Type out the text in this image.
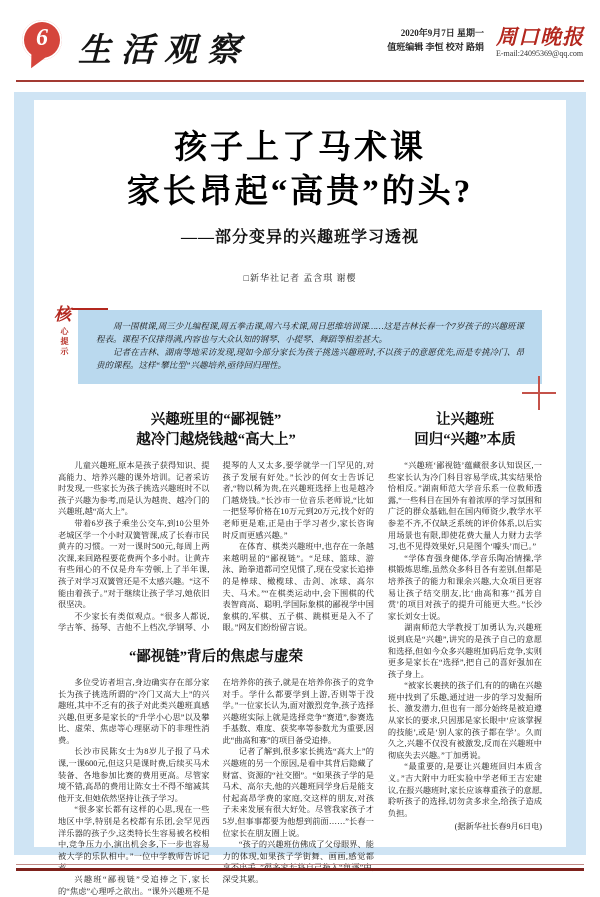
6 生活观察	2020年9月7日 星期一
值班编辑 李恒 校对 路娟
周口晚报
E-mail:24095369@qq.com
孩子上了马术课
家长昂起“高贵”的头?
——部分变异的兴趣班学习透视
□新华社记者 孟含琪 谢樱
核
心提示

周一围棋课,周三少儿编程课,周五拳击课,周六马术课,周日思维培训课……这是吉林长春一个7岁孩子的兴趣班课程表。课程不仅排得满,内容也与大众认知的钢琴、小提琴、舞蹈等相差甚大。

记者在吉林、湖南等地采访发现,现如今部分家长为孩子挑选兴趣班时,不以孩子的意愿优先,而是专挑冷门、昂贵的课程。这样“攀比型”兴趣培养,亟待回归理性。

兴趣班里的“鄙视链”
越冷门越烧钱越“高大上”

儿童兴趣班,原本是孩子获得知识、提高能力、培养兴趣的课外培训。记者采访时发现,一些家长为孩子挑选兴趣班时不以孩子兴趣为参考,而是认为越贵、越冷门的兴趣班,越“高大上”。

带着6岁孩子乘坐公交车,到10公里外老城区学一个小时双簧管课,成了长春市民黄卉的习惯。一对一课时500元,每周上两次课,来回路程要花费两个多小时。让黄卉有些闹心的不仅是舟车劳顿,上了半年课,孩子对学习双簧管还是不太感兴趣。“这不能由着孩子。”对于继续让孩子学习,她依旧很坚决。

不少家长有类似观点。“很多人都说,学古筝、扬琴、吉他不上档次,学钢琴、小提琴的人又太多,要学就学一门罕见的,对孩子发展有好处。”长沙的何女士告诉记者,“物以稀为贵,在兴趣班选择上也是越冷门越烧钱。”长沙市一位音乐老师说,“比如一把竖琴价格在10万元到20万元,找个好的老师更是难,正是由于学习者少,家长咨询时反而更感兴趣。”

在体育、棋类兴趣班中,也存在一条越来越明显的“鄙视链”。“足球、篮球、游泳、跆拳道都司空见惯了,现在受家长追捧的是棒球、橄榄球、击剑、冰球、高尔夫、马术。”“在棋类运动中,会下围棋的代表智商高、聪明,学国际象棋的鄙视学中国象棋的,军棋、五子棋、跳棋更是入不了眼。”网友们纷纷留言说。

“鄙视链”背后的焦虑与虚荣

多位受访者坦言,身边确实存在部分家长为孩子挑选所谓的“冷门又高大上”的兴趣班,其中不乏有的孩子对此类兴趣班真感兴趣,但更多是家长的“升学小心思”以及攀比、虚荣、焦虑等心理驱动下的非理性消费。

长沙市民陈女士为8岁儿子报了马术课,一课600元,但这只是课时费,后续买马术装备、各地参加比赛的费用更高。尽管家境不错,高昂的费用让陈女士不得不缩减其他开支,但她依然坚持让孩子学习。

“很多家长都有这样的心思,现在一些地区中学,特别是名校都有乐团,会罕见西洋乐器的孩子少,这类特长生容易被名校相中,竞争压力小,演出机会多,下一步也容易被大学的乐队相中。”一位中学教师告诉记者。

兴趣班“鄙视链”受追捧之下,家长的“焦虑”心理呼之欲出。“课外兴趣班不是在培养你的孩子,就是在培养你孩子的竞争对手。学什么都要学到上游,否则等于没学。”一位家长认为,面对激烈竞争,孩子选择兴趣班实际上就是选择竞争“赛道”,参赛选手基数、难度、获奖率等参数尤为重要,因此“曲高和寡”的项目备受追捧。

记者了解到,很多家长挑选“高大上”的兴趣班的另一个原因,是看中其背后隐藏了财富、资源的“社交圈”。“如果孩子学的是马术、高尔夫,他的兴趣班同学身后是能支付起高昂学费的家庭,交这样的朋友,对孩子未来发展有很大好处。尽管我家孩子才5岁,但事事都要为他想到前面……”长春一位家长在朋友圈上说。

“孩子的兴趣班仿佛成了父母眼界、能力的体现,如果孩子学街舞、画画,感觉都拿不出手。”很多家长将自己拖入“角逐”中,深受其累。

让兴趣班
回归“兴趣”本质

“兴趣班‘鄙视链’蕴藏很多认知误区,一些家长认为冷门科目容易学成,其实结果恰恰相反。”湖南师范大学音乐系一位教师透露,“一些科目在国外有着浓厚的学习氛围和广泛的群众基础,但在国内师资少,教学水平参差不齐,不仅缺乏系统的评价体系,以后实用场景也有限,即使花费大量人力财力去学习,也不见得效果好,只是图个‘噱头’而已。”

“学体育强身健体,学音乐陶冶情操,学棋锻炼思维,虽然众多科目各有差别,但都是培养孩子的能力和课余兴趣,大众项目更容易让孩子结交朋友,比‘曲高和寡’‘孤芳自赏’的项目对孩子的提升可能更大些。”长沙家长刘女士说。

湖南师范大学教授丁加勇认为,兴趣班说到底是“兴趣”,讲究的是孩子自己的意愿和选择,但如今众多兴趣班加码后竞争,实则更多是家长在“选择”,把自己的喜好强加在孩子身上。

“被家长裹挟的孩子们,有的的确在兴趣班中找到了乐趣,通过进一步的学习发掘所长、激发潜力,但也有一部分始终是被迫遵从家长的要求,只因那是家长眼中‘应该掌握的技能’,或是‘别人家的孩子都在学’。久而久之,兴趣不仅没有被激发,反而在兴趣班中彻底失去兴趣。”丁加勇说。

“最重要的,是要让兴趣班回归本质含义。”吉大附中力旺实验中学老师王吉宏建议,在报兴趣班时,家长应该尊重孩子的意愿,聆听孩子的选择,切勿贪多求全,给孩子造成负担。

(据新华社长春9月6日电)
